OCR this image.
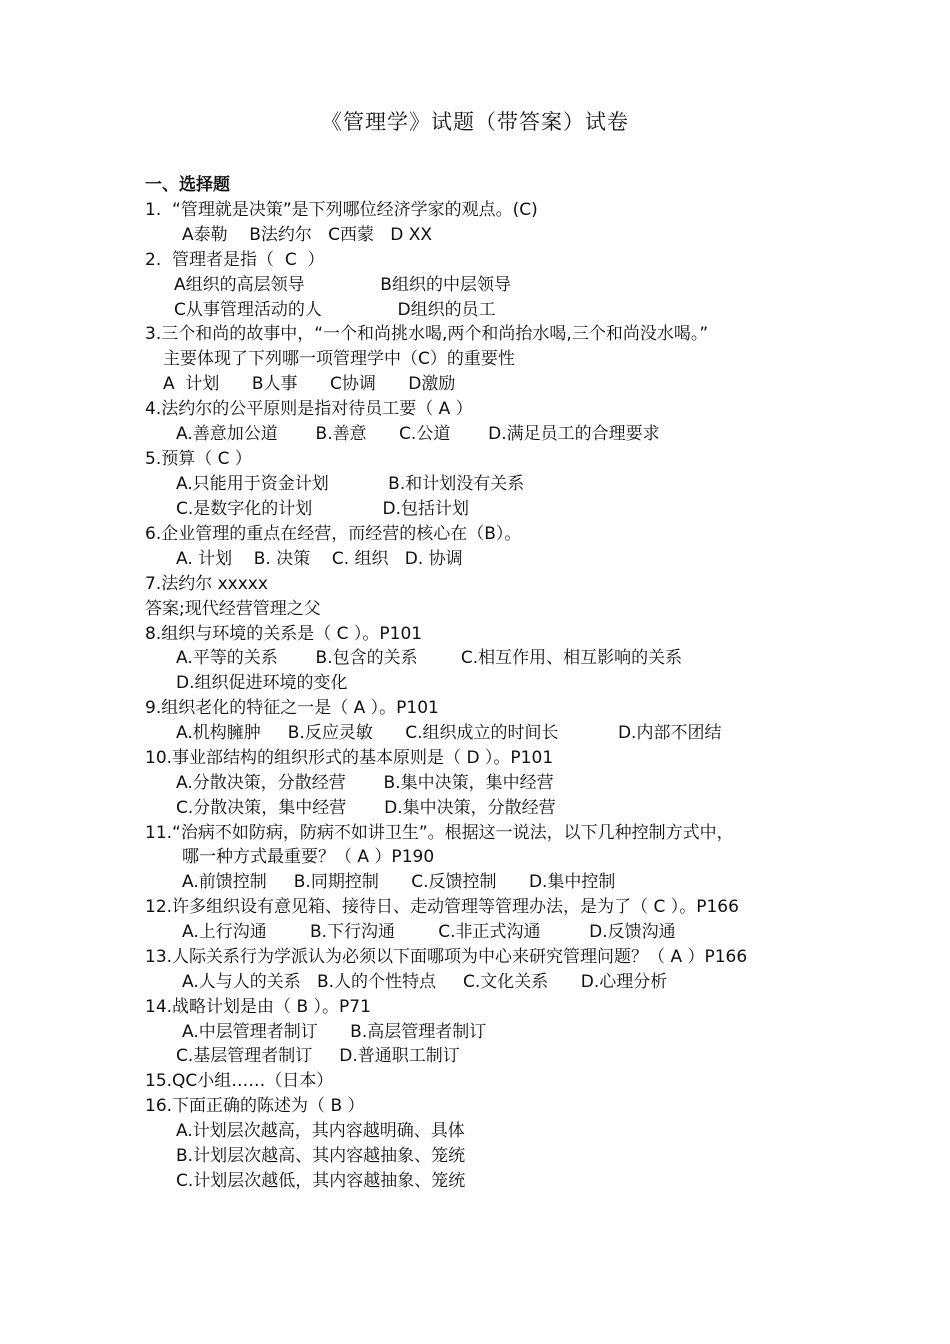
《管理学》试题（带答案）试卷
一、选择题
1.  “管理就是决策”是下列哪位经济学家的观点。(C)
A泰勒    B法约尔   C西蒙   D XX
2.  管理者是指（  C  ）
A组织的高层领导              B组织的中层领导
C从事管理活动的人              D组织的员工
3.三个和尚的故事中，“一个和尚挑水喝,两个和尚抬水喝,三个和尚没水喝。”
主要体现了下列哪一项管理学中（C）的重要性
A  计划      B人事      C协调      D激励
4.法约尔的公平原则是指对待员工要（ A ）
A.善意加公道       B.善意      C.公道       D.满足员工的合理要求
5.预算（ C ）
A.只能用于资金计划           B.和计划没有关系
C.是数字化的计划             D.包括计划
6.企业管理的重点在经营，而经营的核心在（B）。
A. 计划    B. 决策    C. 组织   D. 协调
7.法约尔 xxxxx
答案;现代经营管理之父
8.组织与环境的关系是（ C ）。P101
A.平等的关系       B.包含的关系        C.相互作用、相互影响的关系
D.组织促进环境的变化
9.组织老化的特征之一是（ A ）。P101
A.机构臃肿     B.反应灵敏      C.组织成立的时间长           D.内部不团结
10.事业部结构的组织形式的基本原则是（ D ）。P101
A.分散决策，分散经营       B.集中决策，集中经营
C.分散决策，集中经营       D.集中决策，分散经营
11.“治病不如防病，防病不如讲卫生”。根据这一说法，以下几种控制方式中，
哪一种方式最重要？（ A ）P190
A.前馈控制     B.同期控制      C.反馈控制      D.集中控制
12.许多组织设有意见箱、接待日、走动管理等管理办法，是为了（ C ）。P166
A.上行沟通        B.下行沟通        C.非正式沟通         D.反馈沟通
13.人际关系行为学派认为必须以下面哪项为中心来研究管理问题？（ A ）P166
A.人与人的关系   B.人的个性特点     C.文化关系      D.心理分析
14.战略计划是由（ B ）。P71
A.中层管理者制订      B.高层管理者制订
C.基层管理者制订     D.普通职工制订
15.QC小组……（日本）
16.下面正确的陈述为（ B ）
A.计划层次越高，其内容越明确、具体
B.计划层次越高、其内容越抽象、笼统
C.计划层次越低，其内容越抽象、笼统
